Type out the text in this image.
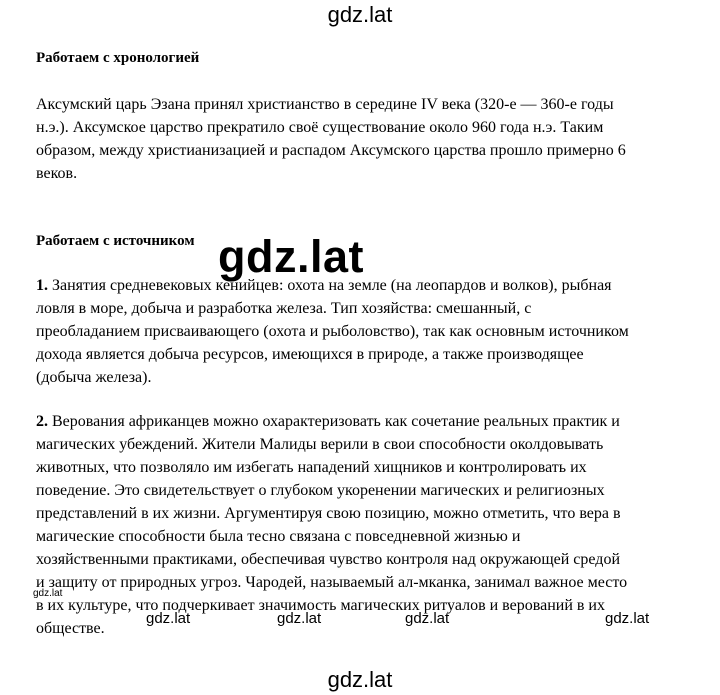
gdz.lat
Работаем с хронологией

Аксумский царь Эзана принял христианство в середине IV века (320-е — 360-е годы
н.э.). Аксумское царство прекратило своё существование около 960 года н.э. Таким
образом, между христианизацией и распадом Аксумского царства прошло примерно 6
веков.

Работаем с источником

1. Занятия средневековых кенийцев: охота на земле (на леопардов и волков), рыбная
ловля в море, добыча и разработка железа. Тип хозяйства: смешанный, с
преобладанием присваивающего (охота и рыболовство), так как основным источником
дохода является добыча ресурсов, имеющихся в природе, а также производящее
(добыча железа).

2. Верования африканцев можно охарактеризовать как сочетание реальных практик и
магических убеждений. Жители Малиды верили в свои способности околдовывать
животных, что позволяло им избегать нападений хищников и контролировать их
поведение. Это свидетельствует о глубоком укоренении магических и религиозных
представлений в их жизни. Аргументируя свою позицию, можно отметить, что вера в
магические способности была тесно связана с повседневной жизнью и
хозяйственными практиками, обеспечивая чувство контроля над окружающей средой
и защиту от природных угроз. Чародей, называемый ал-мканка, занимал важное место
в их культуре, что подчеркивает значимость магических ритуалов и верований в их
обществе.

gdz.lat
gdz.lat
gdz.lat	gdz.lat	gdz.lat	gdz.lat
gdz.lat
